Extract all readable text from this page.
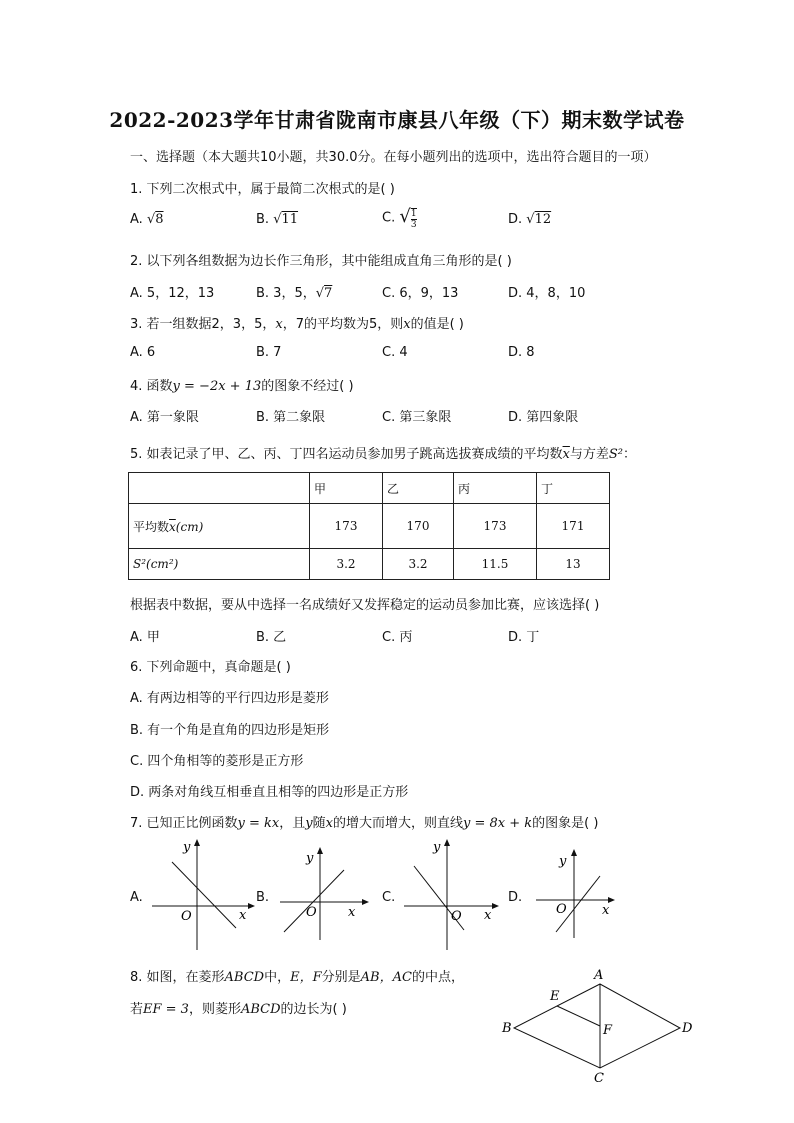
2022-2023学年甘肃省陇南市康县八年级（下）期末数学试卷
一、选择题（本大题共10小题，共30.0分。在每小题列出的选项中，选出符合题目的一项）
1. 下列二次根式中，属于最简二次根式的是( )
A. √8	B. √11	C. √ $\frac{1}{3}$	D. √12
2. 以下列各组数据为边长作三角形，其中能组成直角三角形的是( )
A. 5，12，13	B. 3，5，√7	C. 6，9，13	D. 4，8，10
3. 若一组数据2，3，5，x，7的平均数为5，则x的值是( )
A. 6	B. 7	C. 4	D. 8
4. 函数y = −2x + 13的图象不经过( )
A. 第一象限	B. 第二象限	C. 第三象限	D. 第四象限
5. 如表记录了甲、乙、丙、丁四名运动员参加男子跳高选拔赛成绩的平均数$\overline{x}$与方差S²：
	甲	乙	丙	丁
平均数$\overline{x}(cm)$	173	170	173	171
S²(cm²)	3.2	3.2	11.5	13
根据表中数据，要从中选择一名成绩好又发挥稳定的运动员参加比赛，应该选择( )
A. 甲	B. 乙	C. 丙	D. 丁
6. 下列命题中，真命题是( )
A. 有两边相等的平行四边形是菱形
B. 有一个角是直角的四边形是矩形
C. 四个角相等的菱形是正方形
D. 两条对角线互相垂直且相等的四边形是正方形
7. 已知正比例函数y = kx，且y随x的增大而增大，则直线y = 8x + k的图象是( )
A.	B.	C.	D.
y
x
O
y
x
O
y
x
O
y
x
O
A
B
C
D
E
F
8. 如图，在菱形ABCD中，E，F分别是AB，AC的中点，
若EF = 3，则菱形ABCD的边长为( )
